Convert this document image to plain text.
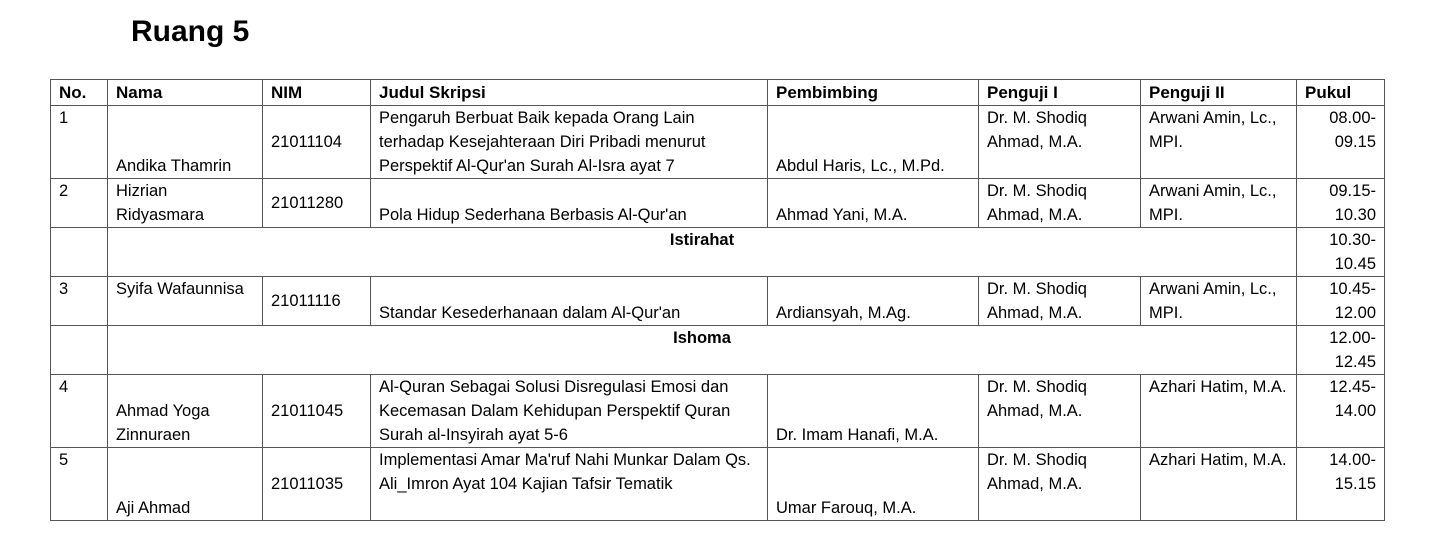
Ruang 5
No.	Nama	NIM	Judul Skripsi	Pembimbing	Penguji I	Penguji II	Pukul
1	Andika Thamrin	21011104	Pengaruh Berbuat Baik kepada Orang Lain terhadap Kesejahteraan Diri Pribadi menurut Perspektif Al-Qur'an Surah Al-Isra ayat 7	Abdul Haris, Lc., M.Pd.	Dr. M. Shodiq Ahmad, M.A.	Arwani Amin, Lc., MPI.	08.00-09.15
2	Hizrian Ridyasmara	21011280	Pola Hidup Sederhana Berbasis Al-Qur'an	Ahmad Yani, M.A.	Dr. M. Shodiq Ahmad, M.A.	Arwani Amin, Lc., MPI.	09.15-10.30
	Istirahat						10.30-10.45
3	Syifa Wafaunnisa	21011116	Standar Kesederhanaan dalam Al-Qur'an	Ardiansyah, M.Ag.	Dr. M. Shodiq Ahmad, M.A.	Arwani Amin, Lc., MPI.	10.45-12.00
	Ishoma						12.00-12.45
4	Ahmad Yoga Zinnuraen	21011045	Al-Quran Sebagai Solusi Disregulasi Emosi dan Kecemasan Dalam Kehidupan Perspektif Quran Surah al-Insyirah ayat 5-6	Dr. Imam Hanafi, M.A.	Dr. M. Shodiq Ahmad, M.A.	Azhari Hatim, M.A.	12.45-14.00
5	Aji Ahmad	21011035	Implementasi Amar Ma'ruf Nahi Munkar Dalam Qs. Ali_Imron Ayat 104 Kajian Tafsir Tematik	Umar Farouq, M.A.	Dr. M. Shodiq Ahmad, M.A.	Azhari Hatim, M.A.	14.00-15.15
